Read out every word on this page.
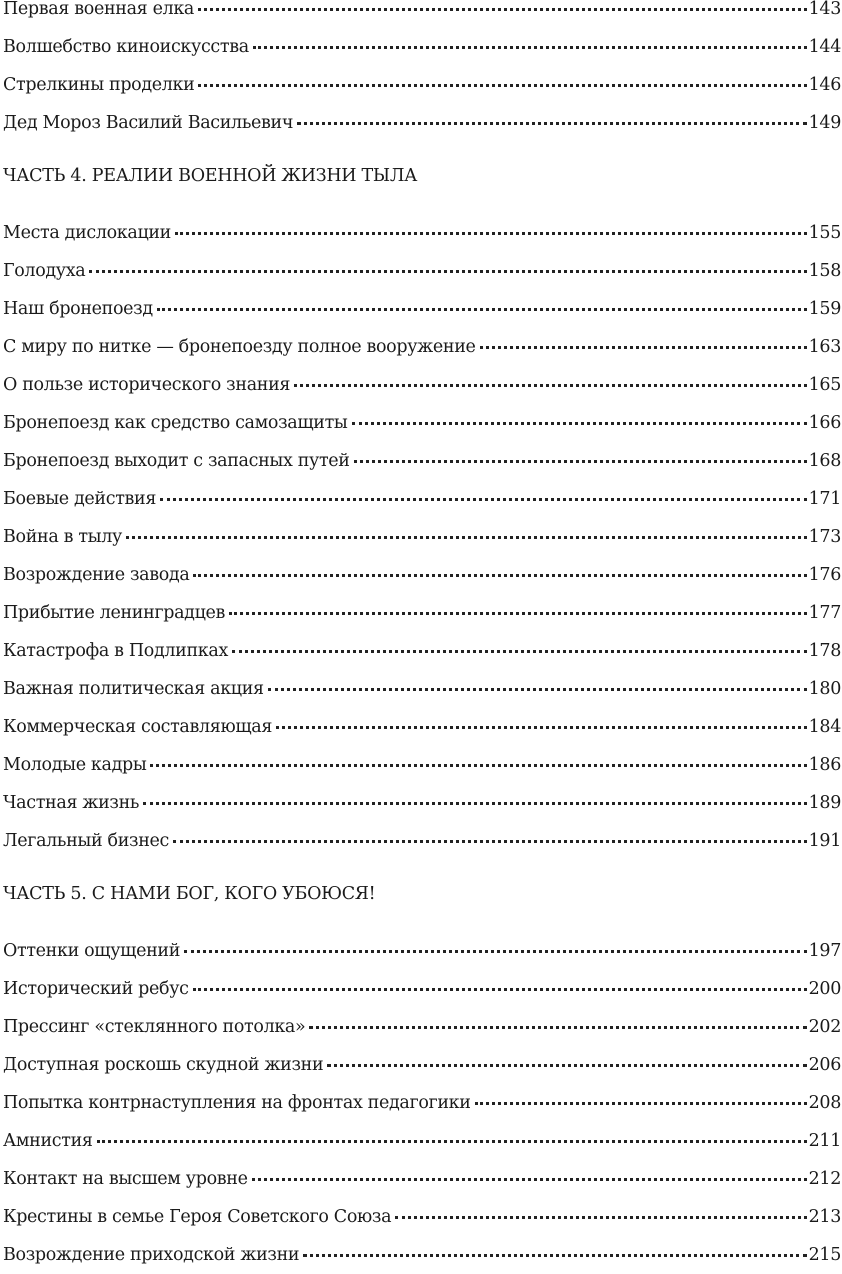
Первая военная елка	143
Волшебство киноискусства	144
Стрелкины проделки	146
Дед Мороз Василий Васильевич	149
ЧАСТЬ 4. РЕАЛИИ ВОЕННОЙ ЖИЗНИ ТЫЛА
Места дислокации	155
Голодуха	158
Наш бронепоезд	159
С миру по нитке — бронепоезду полное вооружение	163
О пользе исторического знания	165
Бронепоезд как средство самозащиты	166
Бронепоезд выходит с запасных путей	168
Боевые действия	171
Война в тылу	173
Возрождение завода	176
Прибытие ленинградцев	177
Катастрофа в Подлипках	178
Важная политическая акция	180
Коммерческая составляющая	184
Молодые кадры	186
Частная жизнь	189
Легальный бизнес	191
ЧАСТЬ 5. С НАМИ БОГ, КОГО УБОЮСЯ!
Оттенки ощущений	197
Исторический ребус	200
Прессинг «стеклянного потолка»	202
Доступная роскошь скудной жизни	206
Попытка контрнаступления на фронтах педагогики	208
Амнистия	211
Контакт на высшем уровне	212
Крестины в семье Героя Советского Союза	213
Возрождение приходской жизни	215
